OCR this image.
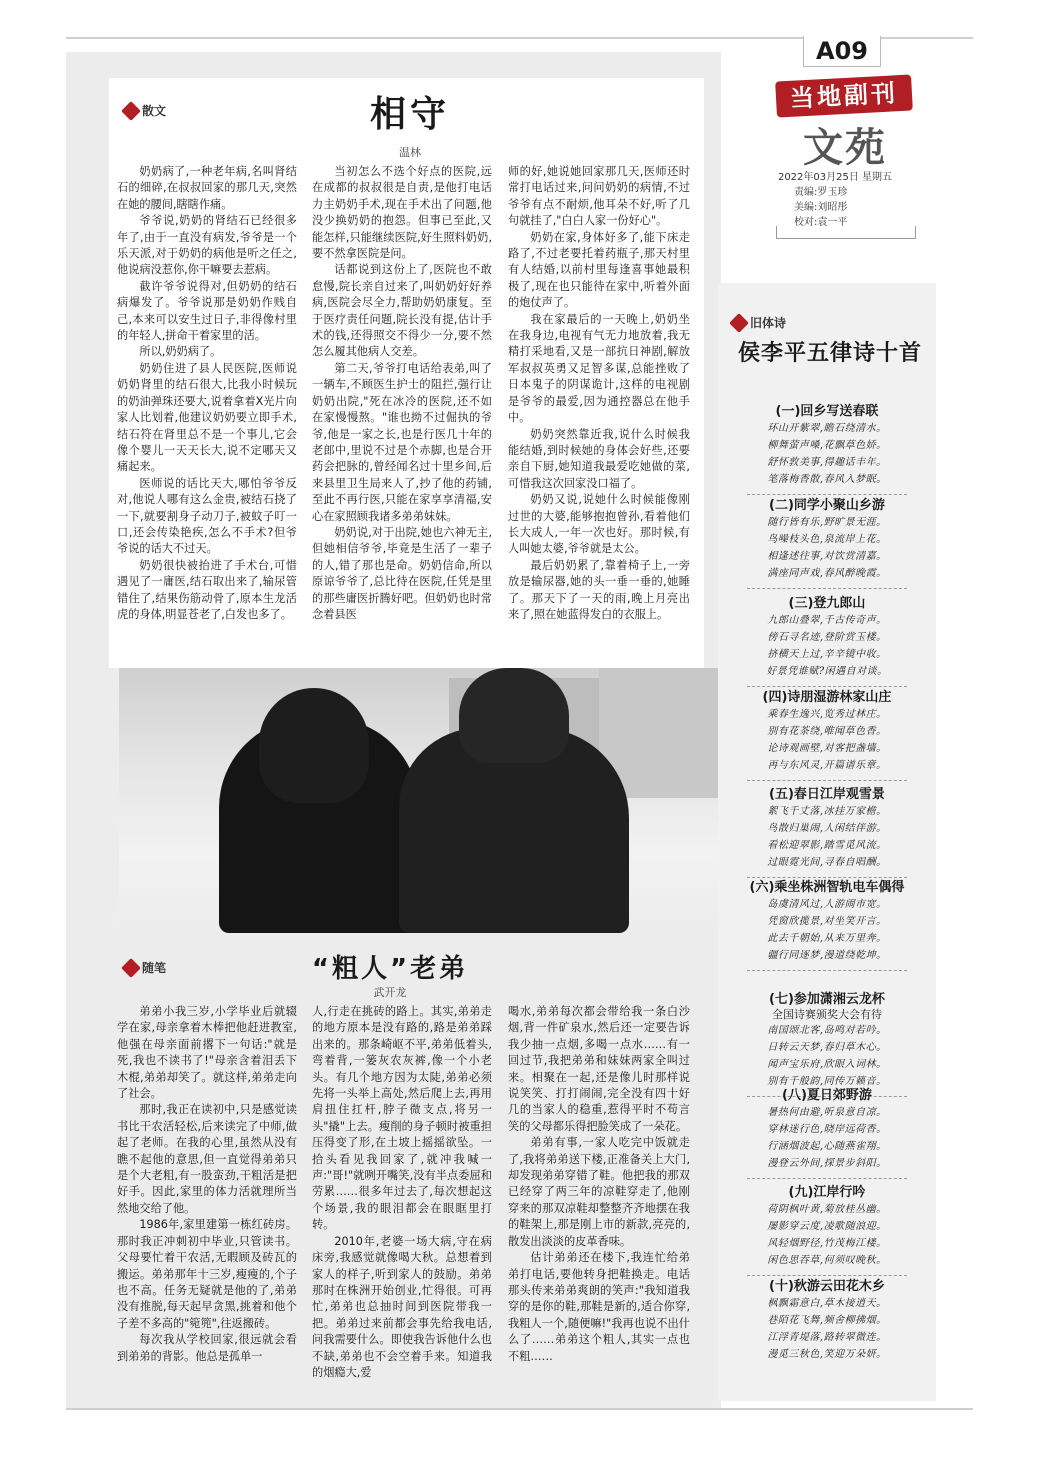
A09
当地副刊
文苑
2022年03月25日 星期五
责编:罗玉珍
美编:刘昭彤
校对:袁一平
散文	相守
温林

奶奶病了,一种老年病,名叫肾结石的细碎,在叔叔回家的那几天,突然在她的腰间,瞎瞎作痛。

爷爷说,奶奶的肾结石已经很多年了,由于一直没有病发,爷爷是一个乐天派,对于奶奶的病他是听之任之,他说病没惹你,你干嘛要去惹病。

截许爷爷说得对,但奶奶的结石病爆发了。爷爷说那是奶奶作贱自己,本来可以安生过日子,非得像村里的年轻人,拼命干着家里的活。

所以,奶奶病了。

奶奶住进了县人民医院,医师说奶奶肾里的结石很大,比我小时候玩的奶油弹珠还要大,说着拿着X光片向家人比划着,他建议奶奶要立即手术,结石符在肾里总不是一个事儿,它会像个婴儿一天天长大,说不定哪天又痛起来。

医师说的话比天大,哪怕爷爷反对,他说人哪有这么金贵,被结石挠了一下,就要割身子动刀子,被蚊子叮一口,还会传染艳疾,怎么不手术?但爷爷说的话大不过天。

奶奶很快被抬进了手术台,可惜遇见了一庸医,结石取出来了,输尿管错住了,结果伤筋动骨了,原本生龙活虎的身体,明显苍老了,白发也多了。

当初怎么不选个好点的医院,远在成都的叔叔很是自责,是他打电话力主奶奶手术,现在手术出了问题,他没少换奶奶的抱怨。但事已至此,又能怎样,只能继续医院,好生照料奶奶,要不然拿医院是问。

话都说到这份上了,医院也不敢怠慢,院长亲自过来了,叫奶奶好好养病,医院会尽全力,帮助奶奶康复。至于医疗责任问题,院长没有提,估计手术的钱,还得照交不得少一分,要不然怎么履其他病人交差。

第二天,爷爷打电话给表弟,叫了一辆车,不顾医生护士的阻拦,强行让奶奶出院,"死在冰冷的医院,还不如在家慢慢熬。"谁也拗不过倔执的爷爷,他是一家之长,也是行医几十年的老郎中,里说不过是个赤脚,也是合开药会把脉的,曾经闻名过十里乡间,后来县里卫生局来人了,抄了他的药铺,至此不再行医,只能在家享享清福,安心在家照顾我诸多弟弟妹妹。

奶奶说,对于出院,她也六神无主,但她相信爷爷,毕竟是生活了一辈子的人,错了那也是命。奶奶信命,所以原谅爷爷了,总比待在医院,任凭是里的那些庸医折腾好吧。但奶奶也时常念着县医

师的好,她说她回家那几天,医师还时常打电话过来,问问奶奶的病情,不过爷爷有点不耐烦,他耳朵不好,听了几句就挂了,"白白人家一份好心"。

奶奶在家,身体好多了,能下床走路了,不过老要托着药瓶子,那天村里有人结婚,以前村里每逢喜事她最积极了,现在也只能待在家中,听着外面的炮仗声了。

我在家最后的一天晚上,奶奶坐在我身边,电视有气无力地放着,我无精打采地看,又是一部抗日神剧,解放军叔叔英勇又足智多谋,总能挫败了日本鬼子的阴谋诡计,这样的电视剧是爷爷的最爱,因为通控器总在他手中。

奶奶突然靠近我,说什么时候我能结婚,到时候她的身体会好些,还要亲自下厨,她知道我最爱吃她做的菜,可惜我这次回家没口福了。

奶奶又说,说她什么时候能像刚过世的大婆,能够抱抱曾孙,看着他们长大成人,一年一次也好。那时候,有人叫她太婆,爷爷就是太公。

最后奶奶累了,靠着椅子上,一旁放是输尿器,她的头一垂一垂的,她睡了。那天下了一天的雨,晚上月亮出来了,照在她蓝得发白的衣服上。

随笔	“粗人”老弟
武开龙

弟弟小我三岁,小学毕业后就辍学在家,母亲拿着木棒把他赶进教室,他强在母亲面前撂下一句话:"就是死,我也不读书了!"母亲含着泪丢下木棍,弟弟却笑了。就这样,弟弟走向了社会。

那时,我正在读初中,只是感觉读书比干农活轻松,后来读完了中师,做起了老师。在我的心里,虽然从没有瞧不起他的意思,但一直觉得弟弟只是个大老粗,有一股蛮劲,干粗活是把好手。因此,家里的体力活就理所当然地交给了他。

1986年,家里建第一栋红砖房。那时我正冲刺初中毕业,只管读书。父母要忙着干农活,无暇顾及砖瓦的搬运。弟弟那年十三岁,瘦瘦的,个子也不高。任务无疑就是他的了,弟弟没有推脱,每天起早贪黑,挑着和他个子差不多高的"箢篼",往返搬砖。

每次我从学校回家,很远就会看到弟弟的背影。他总是孤单一

人,行走在挑砖的路上。其实,弟弟走的地方原本是没有路的,路是弟弟踩出来的。那条崎岖不平,弟弟低着头,弯着背,一篓灰农灰裤,像一个小老头。有几个地方因为太陡,弟弟必须先将一头举上高处,然后爬上去,再用肩扭住扛杆,脖子微支点,将另一头"撬"上去。瘦削的身子顿时被重担压得变了形,在土坡上摇摇欲坠。一拾头看见我回家了,就冲我喊一声:"哥!"就咧开嘴笑,没有半点委屈和劳累……很多年过去了,每次想起这个场景,我的眼泪都会在眼眶里打转。

2010年,老婆一场大病,守在病床旁,我感觉就像喝大秋。总想着到家人的样子,听到家人的鼓励。弟弟那时在株洲开始创业,忙得很。可再忙,弟弟也总抽时间到医院带我一把。弟弟过来前都会事先给我电话,问我需要什么。即使我告诉他什么也不缺,弟弟也不会空着手来。知道我的烟瘾大,爱

喝水,弟弟每次都会带给我一条白沙烟,背一件矿泉水,然后还一定要告诉我少抽一点烟,多喝一点水……有一回过节,我把弟弟和妹妹两家全叫过来。相聚在一起,还是像儿时那样说说笑笑、打打闹闹,完全没有四十好几的当家人的稳重,惹得平时不苟言笑的父母都乐得把脸笑成了一朵花。

弟弟有事,一家人吃完中饭就走了,我将弟弟送下楼,正准备关上大门,却发现弟弟穿错了鞋。他把我的那双已经穿了两三年的凉鞋穿走了,他刚穿来的那双凉鞋却整整齐齐地摆在我的鞋架上,那是刚上市的新款,亮亮的,散发出淡淡的皮革香味。

估计弟弟还在楼下,我连忙给弟弟打电话,要他转身把鞋换走。电话那头传来弟弟爽朗的笑声:"我知道我穿的是你的鞋,那鞋是新的,适合你穿,我粗人一个,随便嘛!"我再也说不出什么了……弟弟这个粗人,其实一点也不粗……

旧体诗
侯李平五律诗十首
(一)回乡写送春联
环山开紫翠,瞻石绕清水。
柳舞萤声嗓,花飘草色娇。
舒怀敦美事,得趣话丰年。
笔落梅香散,春风入梦眠。
(二)同学小聚山乡游
随行皆有乐,野旷景无涯。
鸟噪枝头色,泉流岸上花。
相逢述往事,对饮赏清嘉。
满座同声戏,春风醉晚霞。
(三)登九郎山
九郎山叠翠,千古传奇声。
傍石寻名迹,登阶赏玉楼。
挤横天上过,辛辛镜中收。
好景凭谁赋?闲遇自对谈。
(四)诗朋湿游林家山庄
乘春生逸兴,览秀过林庄。
别有花茶绕,唯闻草色香。
论诗观画壁,对客把盏墙。
再与东风灵,开篇谱乐章。
(五)春日江岸观雪景
絮飞千丈落,冰挂万家檐。
鸟散归巢闹,人闲结伴游。
看松迎翠影,踏雪觅风流。
过眼霓光间,寻春自唱酬。
(六)乘坐株洲智轨电车偶得
岛虞清风过,人游闹市宽。
凭窗欣揽景,对坐笑开言。
此去千朝始,从来万里奔。
疆行同逐梦,漫道绕乾坤。
(七)参加潇湘云龙杯
全国诗赛颁奖大会有待
南国颂北客,岛鸣对若吟。
日转云天梦,春归草木心。
闻声宝乐府,欣眼入词林。
别有千般韵,同传万籁音。
(八)夏日郊野游
暑热何由避,听泉意自凉。
穿林迷行色,晓岸远荷香。
行涵烟波起,心随燕雀翔。
漫登云外间,探景步斜阳。
(九)江岸行吟
荷阴枫叶黄,菊放桂丛幽。
屡影穿云度,凌歌随浪迎。
风轻烟野径,竹茂梅江楼。
闲色思吞草,何须叹晚秋。
(十)秋游云田花木乡
枫飘霜意白,草木接逍天。
巷陌花飞舞,频舍柳拂烟。
江浮青堤落,路转翠微连。
漫觅三秋色,笑迎万朵妍。
